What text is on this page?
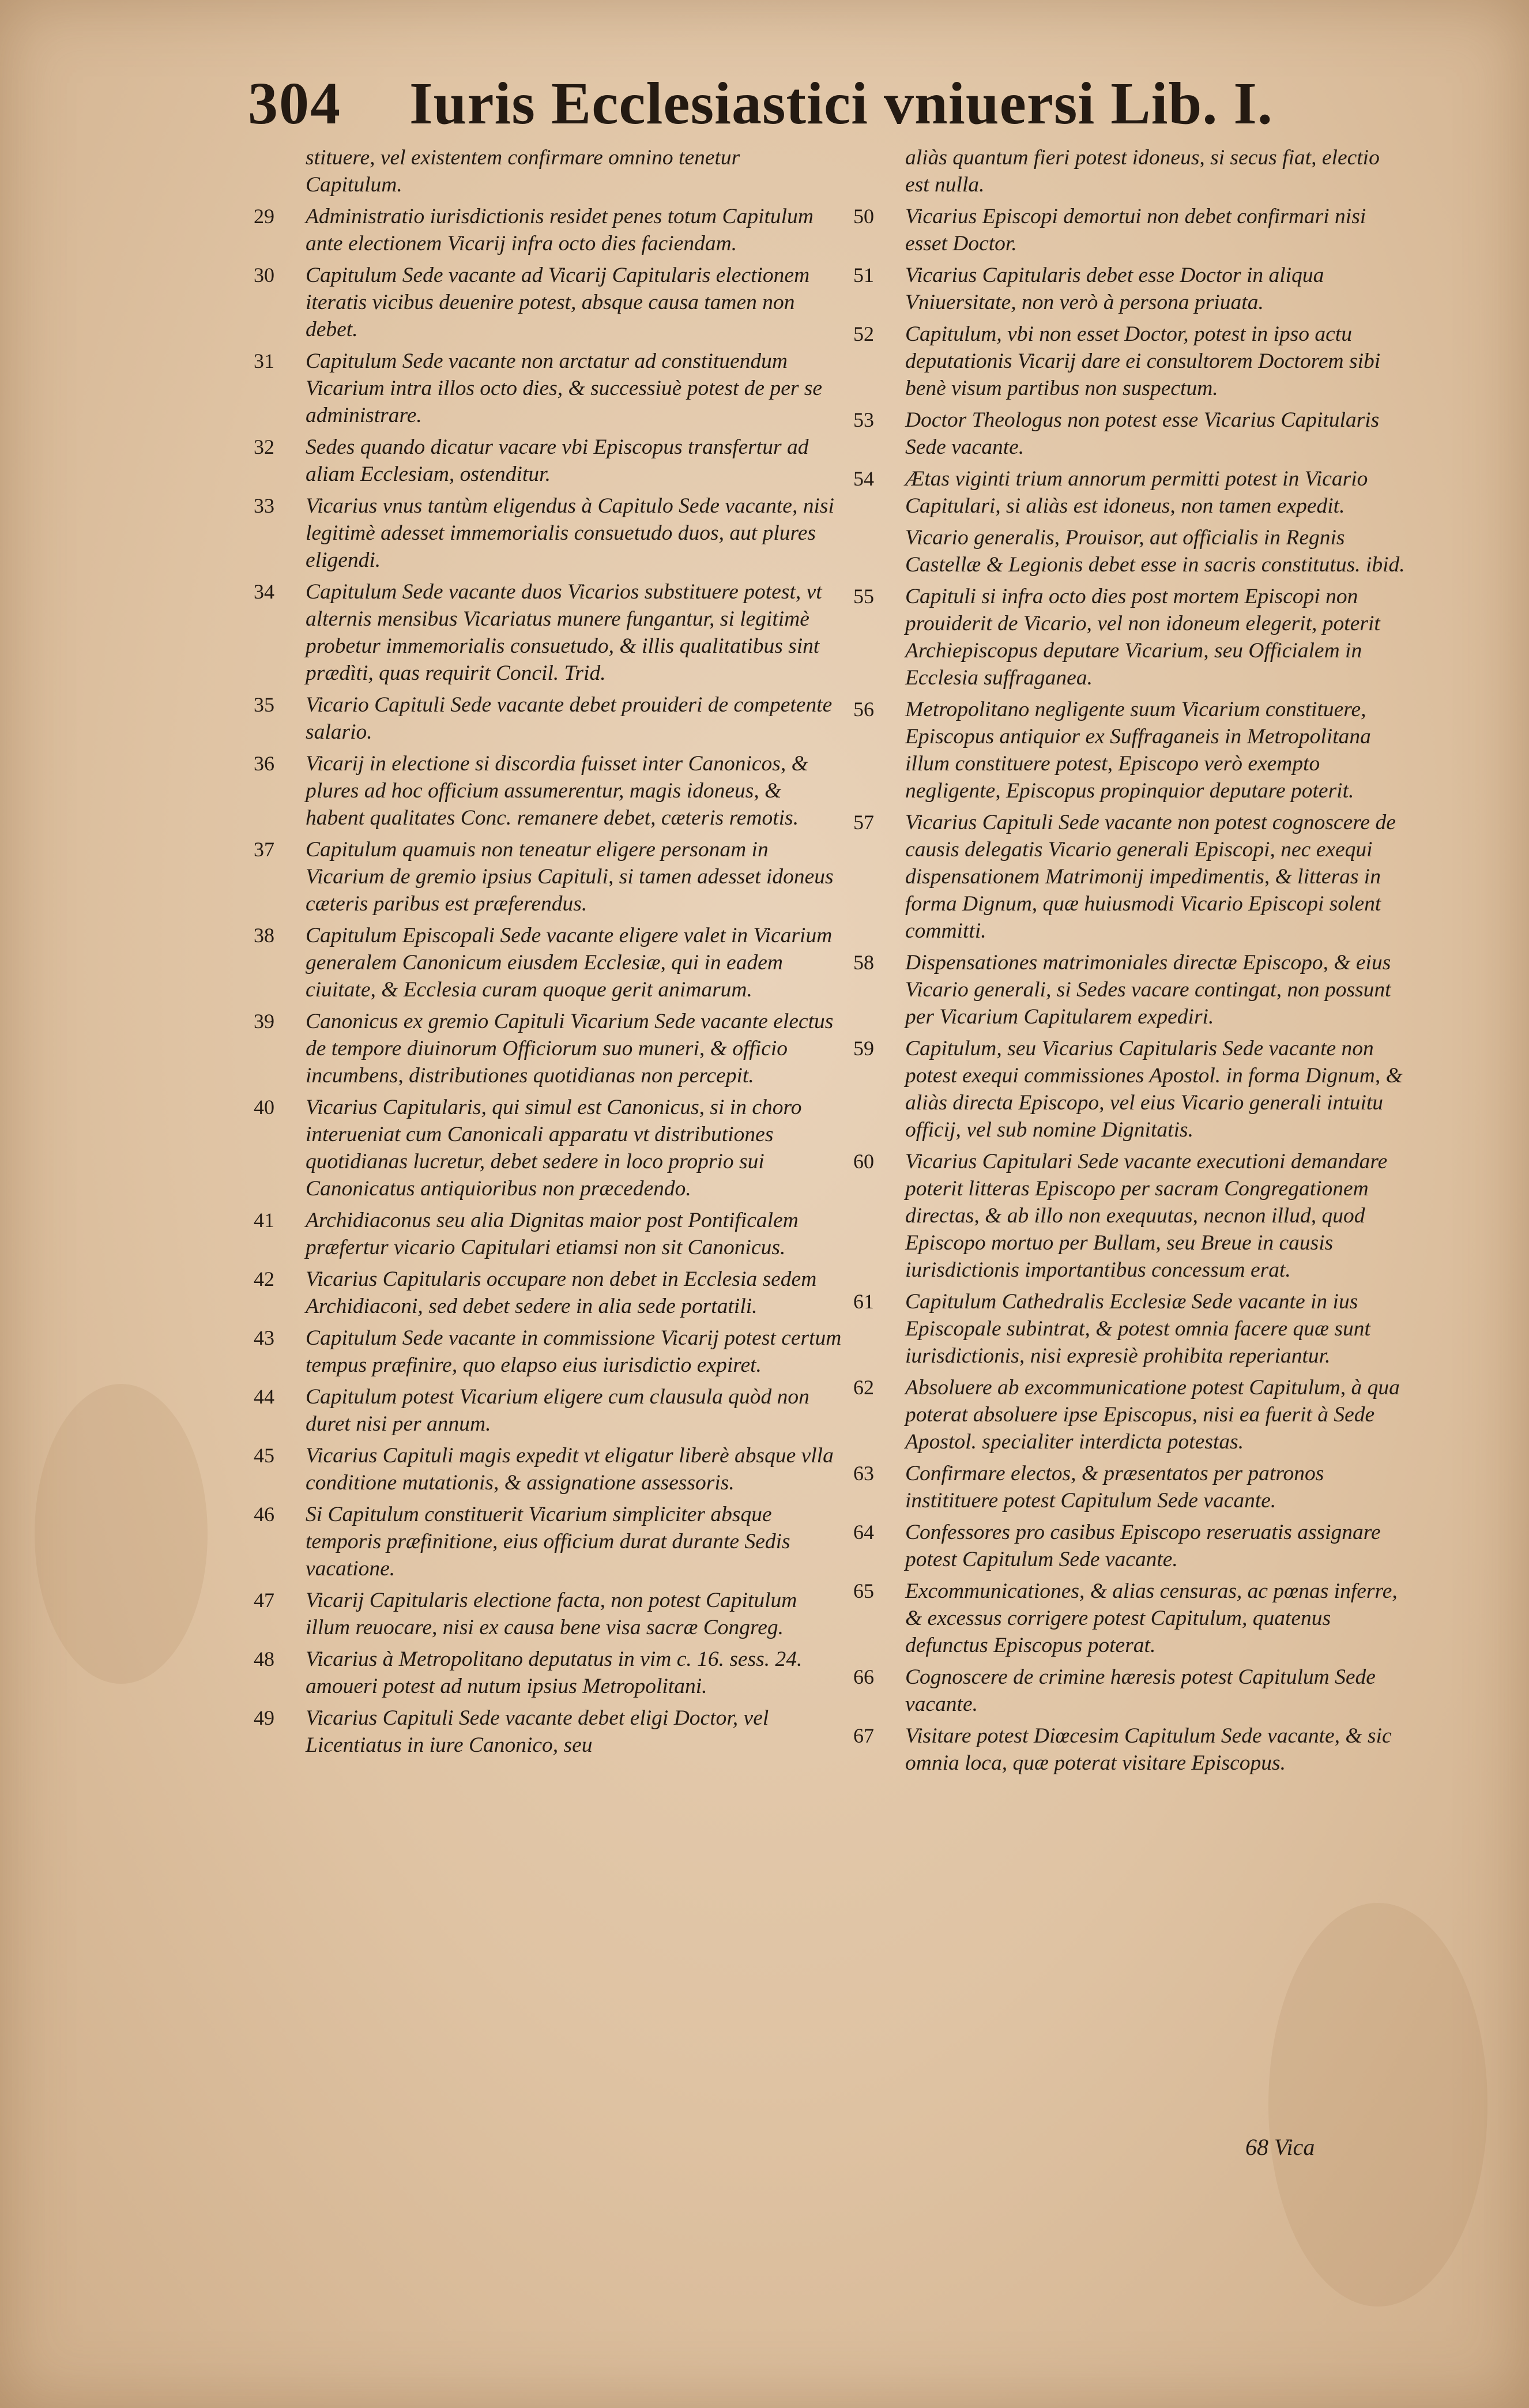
304 Iuris Ecclesiastici vniuersi Lib. I.
stituere, vel existentem confirmare omnino tenetur Capitulum.
29 Administratio iurisdictionis residet penes totum Capitulum ante electionem Vicarij infra octo dies faciendam.
30 Capitulum Sede vacante ad Vicarij Capitularis electionem iteratis vicibus deuenire potest, absque causa tamen non debet.
31 Capitulum Sede vacante non arctatur ad constituendum Vicarium intra illos octo dies, & successiuè potest de per se administrare.
32 Sedes quando dicatur vacare vbi Episcopus transfertur ad aliam Ecclesiam, ostenditur.
33 Vicarius vnus tantùm eligendus à Capitulo Sede vacante, nisi legitimè adesset immemorialis consuetudo duos, aut plures eligendi.
34 Capitulum Sede vacante duos Vicarios substituere potest, vt alternis mensibus Vicariatus munere fungantur, si legitimè probetur immemorialis consuetudo, & illis qualitatibus sint prædìti, quas requirit Concil. Trid.
35 Vicario Capituli Sede vacante debet prouideri de competente salario.
36 Vicarij in electione si discordia fuisset inter Canonicos, & plures ad hoc officium assumerentur, magis idoneus, & habent qualitates Conc. remanere debet, cæteris remotis.
37 Capitulum quamuis non teneatur eligere personam in Vicarium de gremio ipsius Capituli, si tamen adesset idoneus cæteris paribus est præferendus.
38 Capitulum Episcopali Sede vacante eligere valet in Vicarium generalem Canonicum eiusdem Ecclesiæ, qui in eadem ciuitate, & Ecclesia curam quoque gerit animarum.
39 Canonicus ex gremio Capituli Vicarium Sede vacante electus de tempore diuinorum Officiorum suo muneri, & officio incumbens, distributiones quotidianas non percepit.
40 Vicarius Capitularis, qui simul est Canonicus, si in choro interueniat cum Canonicali apparatu vt distributiones quotidianas lucretur, debet sedere in loco proprio sui Canonicatus antiquioribus non præcedendo.
41 Archidiaconus seu alia Dignitas maior post Pontificalem præfertur vicario Capitulari etiamsi non sit Canonicus.
42 Vicarius Capitularis occupare non debet in Ecclesia sedem Archidiaconi, sed debet sedere in alia sede portatili.
43 Capitulum Sede vacante in commissione Vicarij potest certum tempus præfinire, quo elapso eius iurisdictio expiret.
44 Capitulum potest Vicarium eligere cum clausula quòd non duret nisi per annum.
45 Vicarius Capituli magis expedit vt eligatur liberè absque vlla conditione mutationis, & assignatione assessoris.
46 Si Capitulum constituerit Vicarium simpliciter absque temporis præfinitione, eius officium durat durante Sedis vacatione.
47 Vicarij Capitularis electione facta, non potest Capitulum illum reuocare, nisi ex causa bene visa sacræ Congreg.
48 Vicarius à Metropolitano deputatus in vim c. 16. sess. 24. amoueri potest ad nutum ipsius Metropolitani.
49 Vicarius Capituli Sede vacante debet eligi Doctor, vel Licentiatus in iure Canonico, seu
aliàs quantum fieri potest idoneus, si secus fiat, electio est nulla.
50 Vicarius Episcopi demortui non debet confirmari nisi esset Doctor.
51 Vicarius Capitularis debet esse Doctor in aliqua Vniuersitate, non verò à persona priuata.
52 Capitulum, vbi non esset Doctor, potest in ipso actu deputationis Vicarij dare ei consultorem Doctorem sibi benè visum partibus non suspectum.
53 Doctor Theologus non potest esse Vicarius Capitularis Sede vacante.
54 Ætas viginti trium annorum permitti potest in Vicario Capitulari, si aliàs est idoneus, non tamen expedit.
Vicario generalis, Prouisor, aut officialis in Regnis Castellæ & Legionis debet esse in sacris constitutus. ibid.
55 Capituli si infra octo dies post mortem Episcopi non prouiderit de Vicario, vel non idoneum elegerit, poterit Archiepiscopus deputare Vicarium, seu Officialem in Ecclesia suffraganea.
56 Metropolitano negligente suum Vicarium constituere, Episcopus antiquior ex Suffraganeis in Metropolitana illum constituere potest, Episcopo verò exempto negligente, Episcopus propinquior deputare poterit.
57 Vicarius Capituli Sede vacante non potest cognoscere de causis delegatis Vicario generali Episcopi, nec exequi dispensationem Matrimonij impedimentis, & litteras in forma Dignum, quæ huiusmodi Vicario Episcopi solent committi.
58 Dispensationes matrimoniales directæ Episcopo, & eius Vicario generali, si Sedes vacare contingat, non possunt per Vicarium Capitularem expediri.
59 Capitulum, seu Vicarius Capitularis Sede vacante non potest exequi commissiones Apostol. in forma Dignum, & aliàs directa Episcopo, vel eius Vicario generali intuitu officij, vel sub nomine Dignitatis.
60 Vicarius Capitulari Sede vacante executioni demandare poterit litteras Episcopo per sacram Congregationem directas, & ab illo non exequutas, necnon illud, quod Episcopo mortuo per Bullam, seu Breue in causis iurisdictionis importantibus concessum erat.
61 Capitulum Cathedralis Ecclesiæ Sede vacante in ius Episcopale subintrat, & potest omnia facere quæ sunt iurisdictionis, nisi expresiè prohibita reperiantur.
62 Absoluere ab excommunicatione potest Capitulum, à qua poterat absoluere ipse Episcopus, nisi ea fuerit à Sede Apostol. specialiter interdicta potestas.
63 Confirmare electos, & præsentatos per patronos institituere potest Capitulum Sede vacante.
64 Confessores pro casibus Episcopo reseruatis assignare potest Capitulum Sede vacante.
65 Excommunicationes, & alias censuras, ac pœnas inferre, & excessus corrigere potest Capitulum, quatenus defunctus Episcopus poterat.
66 Cognoscere de crimine hæresis potest Capitulum Sede vacante.
67 Visitare potest Diœcesim Capitulum Sede vacante, & sic omnia loca, quæ poterat visitare Episcopus.
68 Vica
